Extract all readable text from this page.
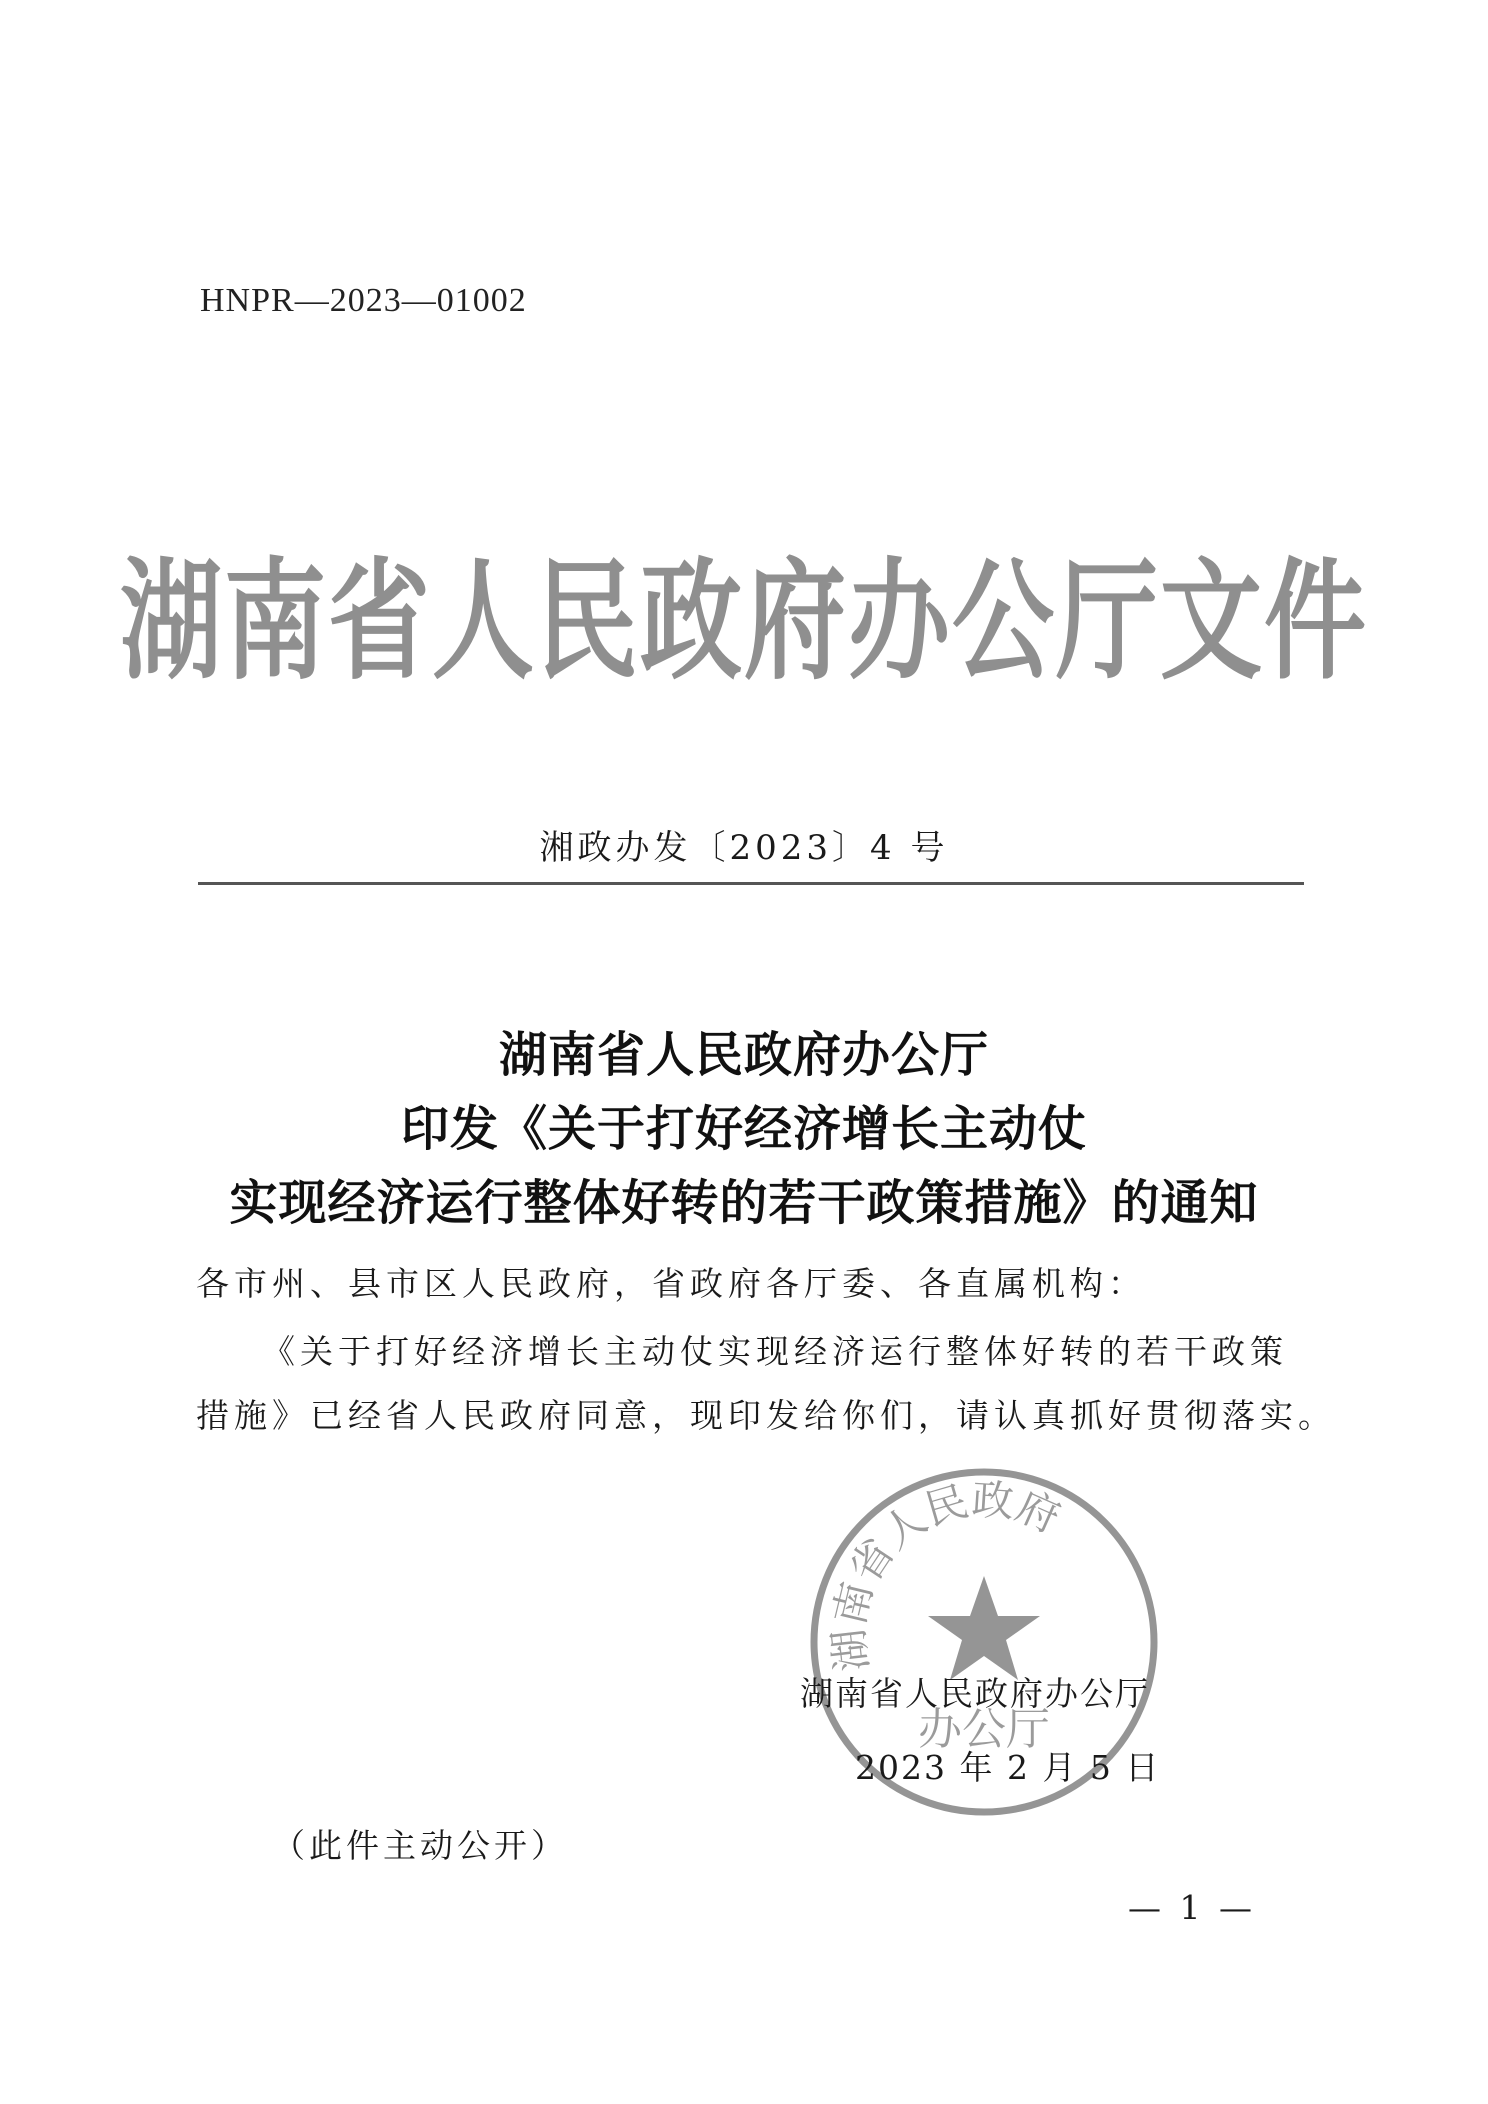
HNPR—2023—01002
湖南省人民政府办公厅文件
湘政办发〔2023〕4 号
湖南省人民政府办公厅
印发《关于打好经济增长主动仗
实现经济运行整体好转的若干政策措施》的通知
各市州、县市区人民政府，省政府各厅委、各直属机构：
《关于打好经济增长主动仗实现经济运行整体好转的若干政策
措施》已经省人民政府同意，现印发给你们，请认真抓好贯彻落实。
湖南省人民政府
办公厅
湖南省人民政府办公厅
2023 年 2 月 5 日
（此件主动公开）
— 1 —
